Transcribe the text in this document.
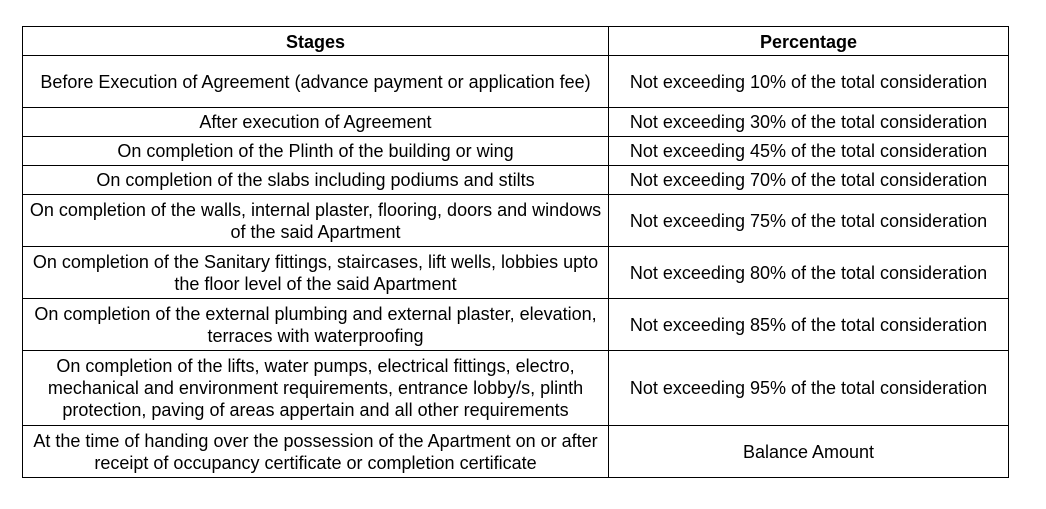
Stages	Percentage
Before Execution of Agreement (advance payment or application fee)	Not exceeding 10% of the total consideration
After execution of Agreement	Not exceeding 30% of the total consideration
On completion of the Plinth of the building or wing	Not exceeding 45% of the total consideration
On completion of the slabs including podiums and stilts	Not exceeding 70% of the total consideration
On completion of the walls, internal plaster, flooring, doors and windows of the said Apartment	Not exceeding 75% of the total consideration
On completion of the Sanitary fittings, staircases, lift wells, lobbies upto the floor level of the said Apartment	Not exceeding 80% of the total consideration
On completion of the external plumbing and external plaster, elevation, terraces with waterproofing	Not exceeding 85% of the total consideration
On completion of the lifts, water pumps, electrical fittings, electro, mechanical and environment requirements, entrance lobby/s, plinth protection, paving of areas appertain and all other requirements	Not exceeding 95% of the total consideration
At the time of handing over the possession of the Apartment on or after receipt of occupancy certificate or completion certificate	Balance Amount
